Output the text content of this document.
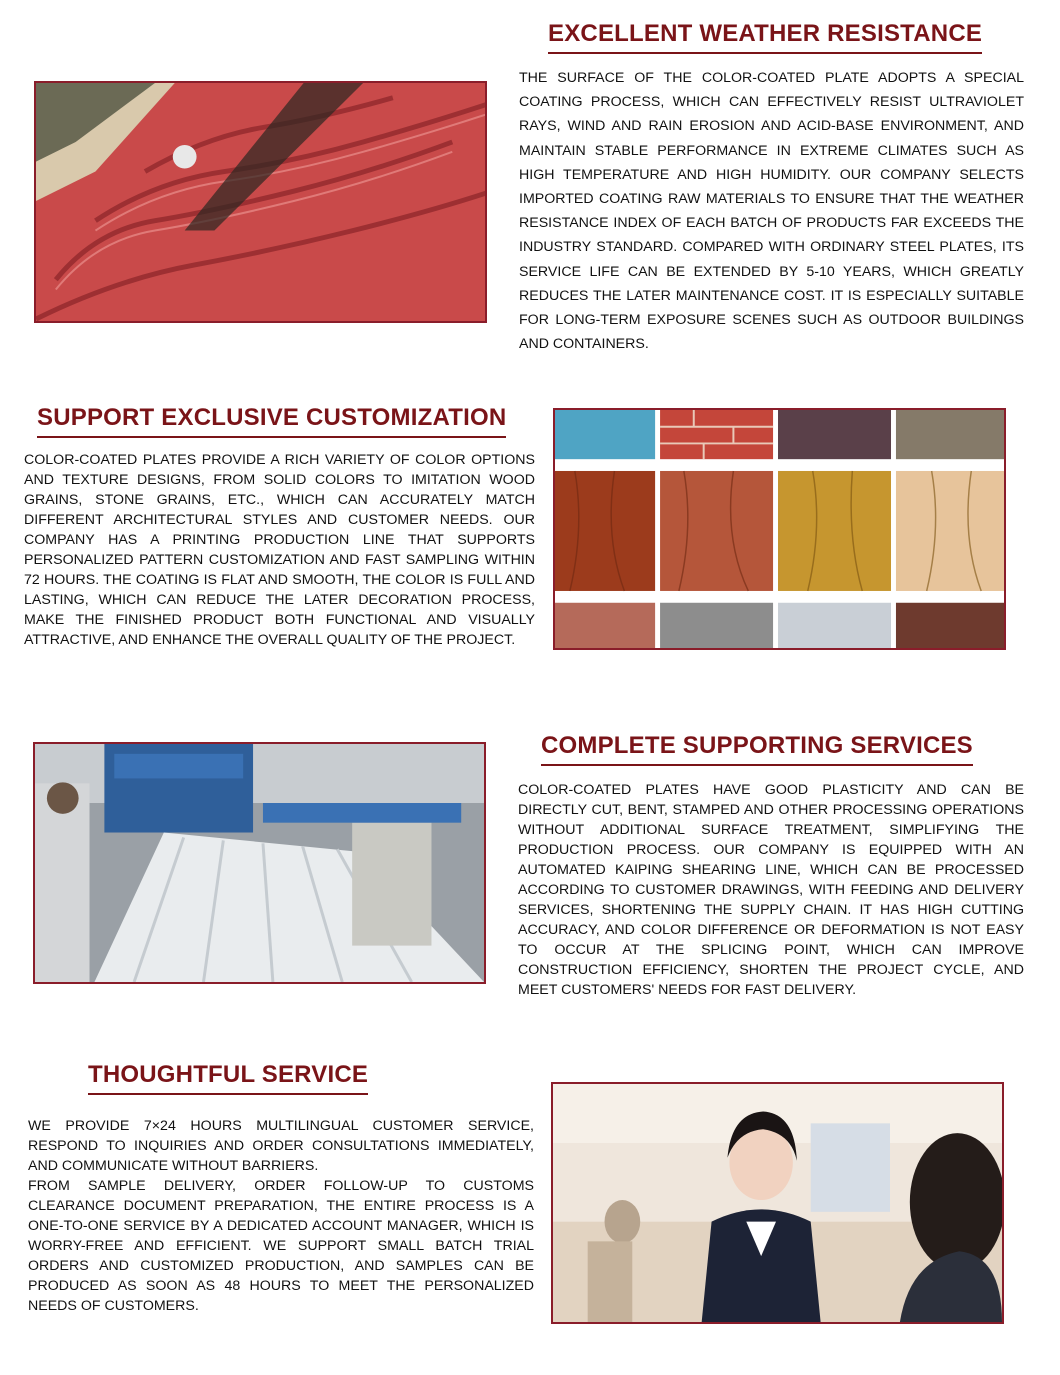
EXCELLENT WEATHER RESISTANCE

THE SURFACE OF THE COLOR-COATED PLATE ADOPTS A SPECIAL COATING PROCESS, WHICH CAN EFFECTIVELY RESIST ULTRAVIOLET RAYS, WIND AND RAIN EROSION AND ACID-BASE ENVIRONMENT, AND MAINTAIN STABLE PERFORMANCE IN EXTREME CLIMATES SUCH AS HIGH TEMPERATURE AND HIGH HUMIDITY. OUR COMPANY SELECTS IMPORTED COATING RAW MATERIALS TO ENSURE THAT THE WEATHER RESISTANCE INDEX OF EACH BATCH OF PRODUCTS FAR EXCEEDS THE INDUSTRY STANDARD. COMPARED WITH ORDINARY STEEL PLATES, ITS SERVICE LIFE CAN BE EXTENDED BY 5-10 YEARS, WHICH GREATLY REDUCES THE LATER MAINTENANCE COST. IT IS ESPECIALLY SUITABLE FOR LONG-TERM EXPOSURE SCENES SUCH AS OUTDOOR BUILDINGS AND CONTAINERS.

SUPPORT EXCLUSIVE CUSTOMIZATION

COLOR-COATED PLATES PROVIDE A RICH VARIETY OF COLOR OPTIONS AND TEXTURE DESIGNS, FROM SOLID COLORS TO IMITATION WOOD GRAINS, STONE GRAINS, ETC., WHICH CAN ACCURATELY MATCH DIFFERENT ARCHITECTURAL STYLES AND CUSTOMER NEEDS. OUR COMPANY HAS A PRINTING PRODUCTION LINE THAT SUPPORTS PERSONALIZED PATTERN CUSTOMIZATION AND FAST SAMPLING WITHIN 72 HOURS. THE COATING IS FLAT AND SMOOTH, THE COLOR IS FULL AND LASTING, WHICH CAN REDUCE THE LATER DECORATION PROCESS, MAKE THE FINISHED PRODUCT BOTH FUNCTIONAL AND VISUALLY ATTRACTIVE, AND ENHANCE THE OVERALL QUALITY OF THE PROJECT.

COMPLETE SUPPORTING SERVICES

COLOR-COATED PLATES HAVE GOOD PLASTICITY AND CAN BE DIRECTLY CUT, BENT, STAMPED AND OTHER PROCESSING OPERATIONS WITHOUT ADDITIONAL SURFACE TREATMENT, SIMPLIFYING THE PRODUCTION PROCESS. OUR COMPANY IS EQUIPPED WITH AN AUTOMATED KAIPING SHEARING LINE, WHICH CAN BE PROCESSED ACCORDING TO CUSTOMER DRAWINGS, WITH FEEDING AND DELIVERY SERVICES, SHORTENING THE SUPPLY CHAIN. IT HAS HIGH CUTTING ACCURACY, AND COLOR DIFFERENCE OR DEFORMATION IS NOT EASY TO OCCUR AT THE SPLICING POINT, WHICH CAN IMPROVE CONSTRUCTION EFFICIENCY, SHORTEN THE PROJECT CYCLE, AND MEET CUSTOMERS' NEEDS FOR FAST DELIVERY.

THOUGHTFUL SERVICE

WE PROVIDE 7×24 HOURS MULTILINGUAL CUSTOMER SERVICE, RESPOND TO INQUIRIES AND ORDER CONSULTATIONS IMMEDIATELY, AND COMMUNICATE WITHOUT BARRIERS.

FROM SAMPLE DELIVERY, ORDER FOLLOW-UP TO CUSTOMS CLEARANCE DOCUMENT PREPARATION, THE ENTIRE PROCESS IS A ONE-TO-ONE SERVICE BY A DEDICATED ACCOUNT MANAGER, WHICH IS WORRY-FREE AND EFFICIENT. WE SUPPORT SMALL BATCH TRIAL ORDERS AND CUSTOMIZED PRODUCTION, AND SAMPLES CAN BE PRODUCED AS SOON AS 48 HOURS TO MEET THE PERSONALIZED NEEDS OF CUSTOMERS.
